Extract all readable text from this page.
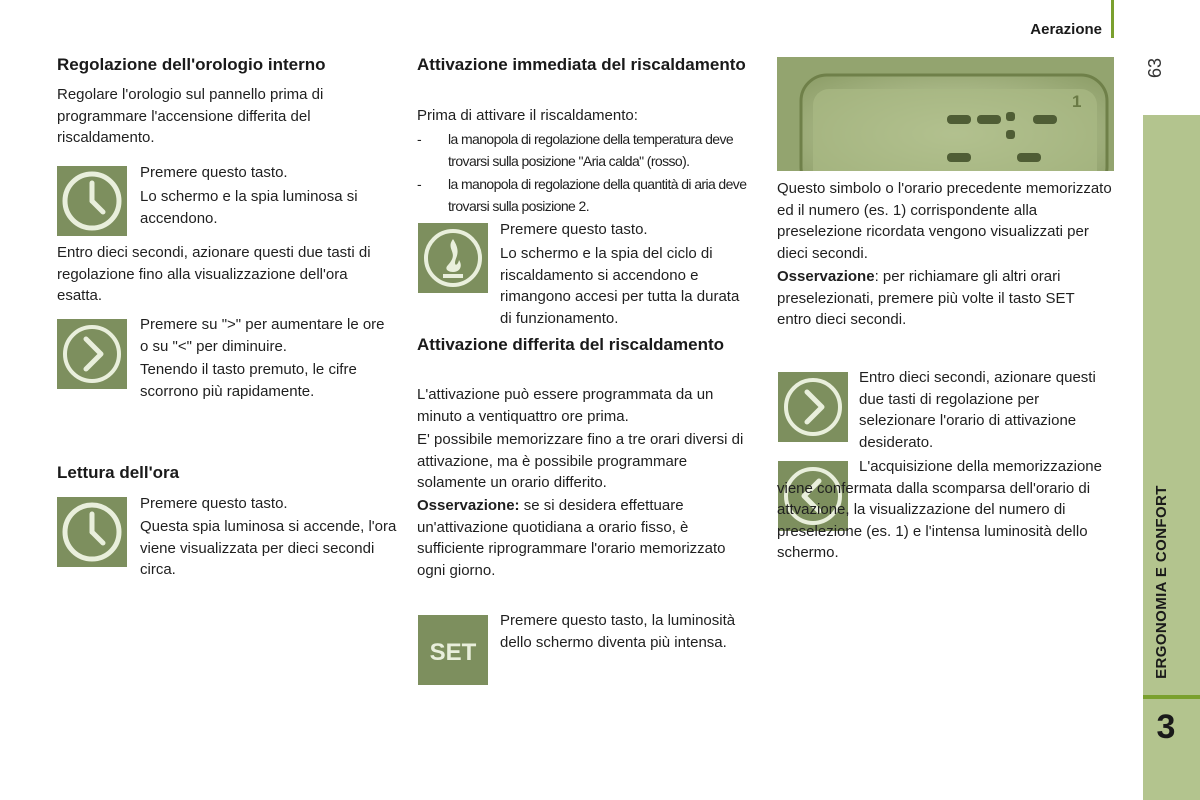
Aerazione
63
ERGONOMIA E CONFORT
3
Regolazione dell'orologio interno
Regolare l'orologio sul pannello prima di programmare l'accensione differita del riscaldamento.
Premere questo tasto.
Lo schermo e la spia luminosa si accendono.
Entro dieci secondi, azionare questi due tasti di regolazione fino alla visualizzazione dell'ora esatta.
Premere su ">" per aumentare le ore o su "<" per diminuire.
Tenendo il tasto premuto, le cifre scorrono più rapidamente.
Lettura dell'ora
Premere questo tasto.
Questa spia luminosa si accende, l'ora viene visualizzata per dieci secondi circa.
Attivazione immediata del riscaldamento
Prima di attivare il riscaldamento:
- la manopola di regolazione della temperatura deve trovarsi sulla posizione "Aria calda" (rosso).
- la manopola di regolazione della quantità di aria deve trovarsi sulla posizione 2.
Premere questo tasto.
Lo schermo e la spia del ciclo di riscaldamento si accendono e rimangono accesi per tutta la durata di funzionamento.
Attivazione differita del riscaldamento
L'attivazione può essere programmata da un minuto a ventiquattro ore prima.
E' possibile memorizzare fino a tre orari diversi di attivazione, ma è possibile programmare solamente un orario differito.
Osservazione: se si desidera effettuare un'attivazione quotidiana a orario fisso, è sufficiente riprogrammare l'orario memorizzato ogni giorno.
SET
Premere questo tasto, la luminosità dello schermo diventa più intensa.
1
Questo simbolo o l'orario precedente memorizzato ed il numero (es. 1) corrispondente alla preselezione ricordata vengono visualizzati per dieci secondi.
Osservazione: per richiamare gli altri orari preselezionati, premere più volte il tasto SET entro dieci secondi.
Entro dieci secondi, azionare questi due tasti di regolazione per selezionare l'orario di attivazione desiderato.
L'acquisizione della memorizzazione viene confermata dalla scomparsa dell'orario di attvazione, la visualizzazione del numero di preselezione (es. 1) e l'intensa luminosità dello schermo.
